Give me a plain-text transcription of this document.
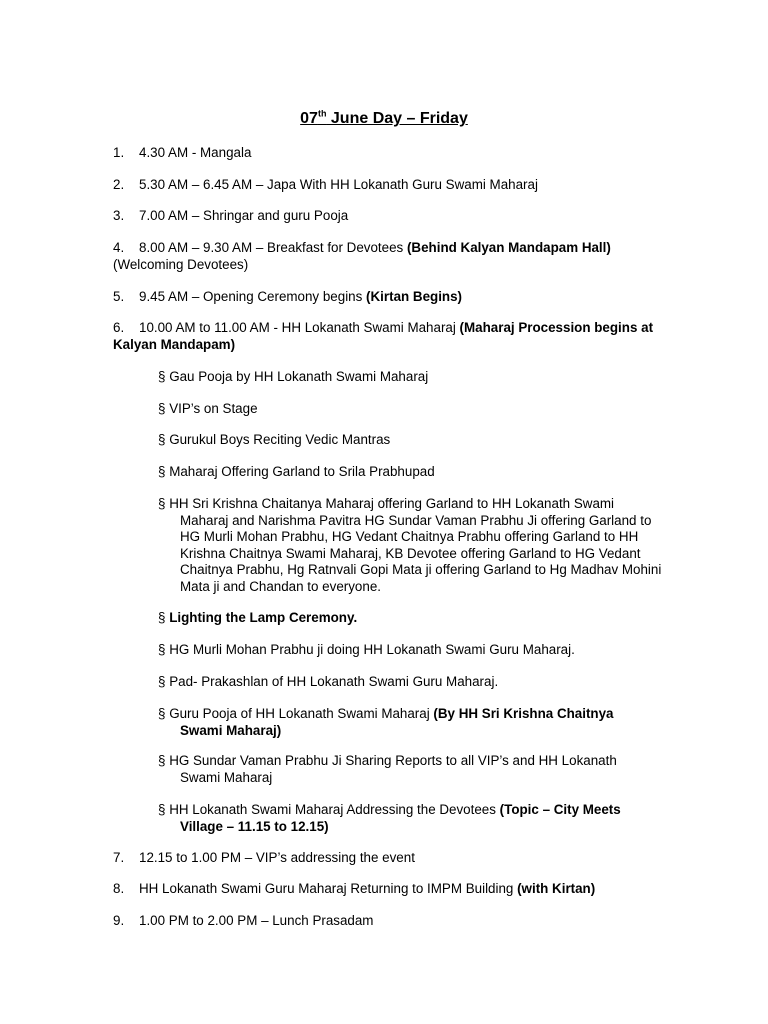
07th June Day – Friday
1. 4.30 AM - Mangala
2. 5.30 AM – 6.45 AM – Japa With HH Lokanath Guru Swami Maharaj
3. 7.00 AM – Shringar and guru Pooja
4. 8.00 AM – 9.30 AM – Breakfast for Devotees (Behind Kalyan Mandapam Hall)
(Welcoming Devotees)
5. 9.45 AM – Opening Ceremony begins (Kirtan Begins)
6. 10.00 AM to 11.00 AM - HH Lokanath Swami Maharaj (Maharaj Procession begins at
Kalyan Mandapam)
§ Gau Pooja by HH Lokanath Swami Maharaj
§ VIP’s on Stage
§ Gurukul Boys Reciting Vedic Mantras
§ Maharaj Offering Garland to Srila Prabhupad
§ HH Sri Krishna Chaitanya Maharaj offering Garland to HH Lokanath Swami
Maharaj and Narishma Pavitra HG Sundar Vaman Prabhu Ji offering Garland to
HG Murli Mohan Prabhu, HG Vedant Chaitnya Prabhu offering Garland to HH
Krishna Chaitnya Swami Maharaj, KB Devotee offering Garland to HG Vedant
Chaitnya Prabhu, Hg Ratnvali Gopi Mata ji offering Garland to Hg Madhav Mohini
Mata ji and Chandan to everyone.
§ Lighting the Lamp Ceremony.
§ HG Murli Mohan Prabhu ji doing HH Lokanath Swami Guru Maharaj.
§ Pad- Prakashlan of HH Lokanath Swami Guru Maharaj.
§ Guru Pooja of HH Lokanath Swami Maharaj (By HH Sri Krishna Chaitnya
Swami Maharaj)
§ HG Sundar Vaman Prabhu Ji Sharing Reports to all VIP’s and HH Lokanath
Swami Maharaj
§ HH Lokanath Swami Maharaj Addressing the Devotees (Topic – City Meets
Village – 11.15 to 12.15)
7. 12.15 to 1.00 PM – VIP’s addressing the event
8. HH Lokanath Swami Guru Maharaj Returning to IMPM Building (with Kirtan)
9. 1.00 PM to 2.00 PM – Lunch Prasadam
